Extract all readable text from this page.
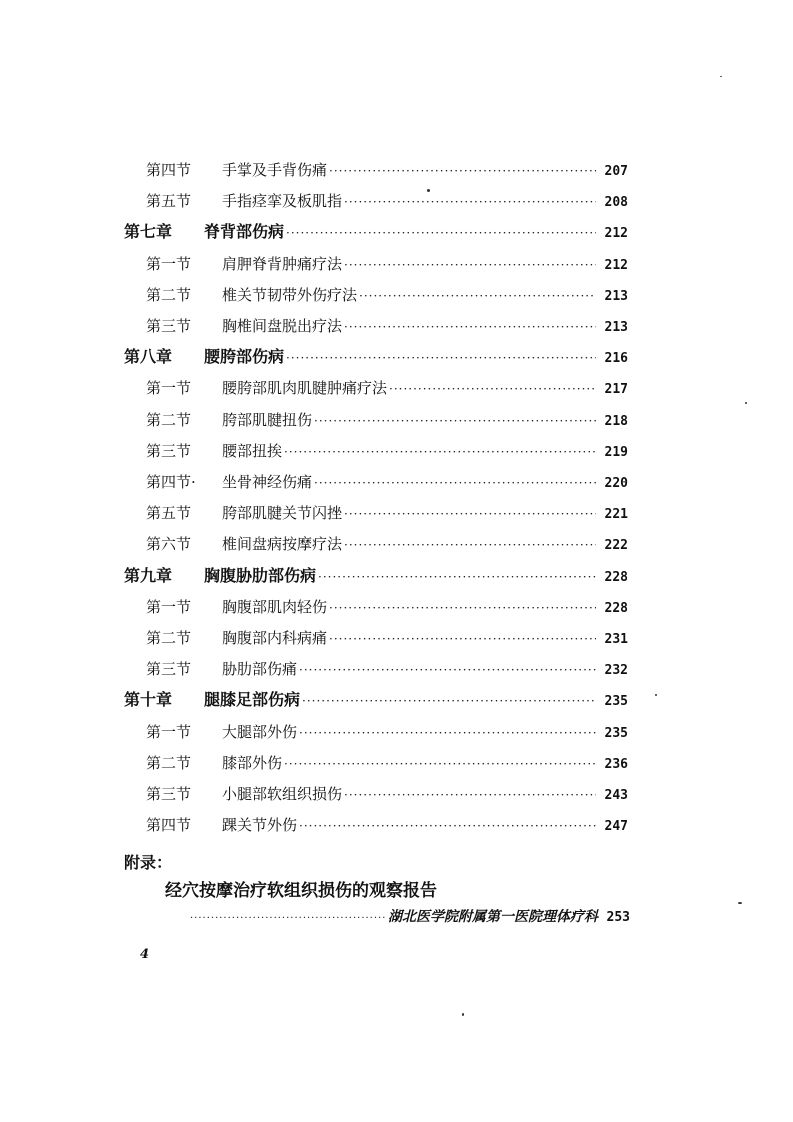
第四节	手掌及手背伤痛 ·····	207
第五节	手指痉挛及板肌指 ·····	208
第七章	脊背部伤病 ·····	212
第一节	肩胛脊背肿痛疗法 ·····	212
第二节	椎关节韧带外伤疗法 ·····	213
第三节	胸椎间盘脱出疗法 ·····	213
第八章	腰胯部伤病 ·····	216
第一节	腰胯部肌肉肌腱肿痛疗法 ·····	217
第二节	胯部肌腱扭伤 ·····	218
第三节	腰部扭挨 ·····	219
第四节·	坐骨神经伤痛 ·····	220
第五节	胯部肌腱关节闪挫 ·····	221
第六节	椎间盘病按摩疗法 ·····	222
第九章	胸腹胁肋部伤病 ·····	228
第一节	胸腹部肌肉轻伤 ·····	228
第二节	胸腹部内科病痛 ·····	231
第三节	胁肋部伤痛 ·····	232
第十章	腿膝足部伤病 ·····	235
第一节	大腿部外伤 ·····	235
第二节	膝部外伤 ·····	236
第三节	小腿部软组织损伤 ·····	243
第四节	踝关节外伤 ·····	247
附录：
经穴按摩治疗软组织损伤的观察报告
·····
湖北医学院附属第一医院理体疗科 253
4
